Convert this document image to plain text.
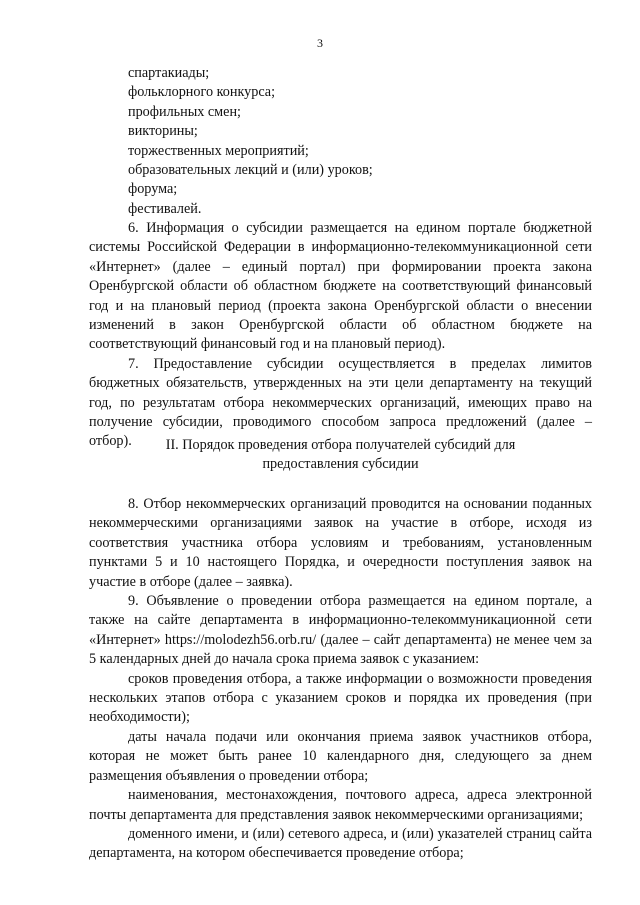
3
спартакиады;
фольклорного конкурса;
профильных смен;
викторины;
торжественных мероприятий;
образовательных лекций и (или) уроков;
форума;
фестивалей.

6. Информация о субсидии размещается на едином портале бюджетной системы Российской Федерации в информационно-телекоммуникационной сети «Интернет» (далее – единый портал) при формировании проекта закона Оренбургской области об областном бюджете на соответствующий финансовый год и на плановый период (проекта закона Оренбургской области о внесении изменений в закон Оренбургской области об областном бюджете на соответствующий финансовый год и на плановый период).

7. Предоставление субсидии осуществляется в пределах лимитов бюджетных обязательств, утвержденных на эти цели департаменту на текущий год, по результатам отбора некоммерческих организаций, имеющих право на получение субсидии, проводимого способом запроса предложений (далее – отбор).	II. Порядок проведения отбора получателей субсидий для
предоставления субсидии

8. Отбор некоммерческих организаций проводится на основании поданных некоммерческими организациями заявок на участие в отборе, исходя из соответствия участника отбора условиям и требованиям, установленным пунктами 5 и 10 настоящего Порядка, и очередности поступления заявок на участие в отборе (далее – заявка).

9. Объявление о проведении отбора размещается на едином портале, а также на сайте департамента в информационно-телекоммуникационной сети «Интернет» https://molodezh56.orb.ru/ (далее – сайт департамента) не менее чем за 5 календарных дней до начала срока приема заявок с указанием:

сроков проведения отбора, а также информации о возможности проведения нескольких этапов отбора с указанием сроков и порядка их проведения (при необходимости);

даты начала подачи или окончания приема заявок участников отбора, которая не может быть ранее 10 календарного дня, следующего за днем размещения объявления о проведении отбора;

наименования, местонахождения, почтового адреса, адреса электронной почты департамента для представления заявок некоммерческими организациями;

доменного имени, и (или) сетевого адреса, и (или) указателей страниц сайта департамента, на котором обеспечивается проведение отбора;
